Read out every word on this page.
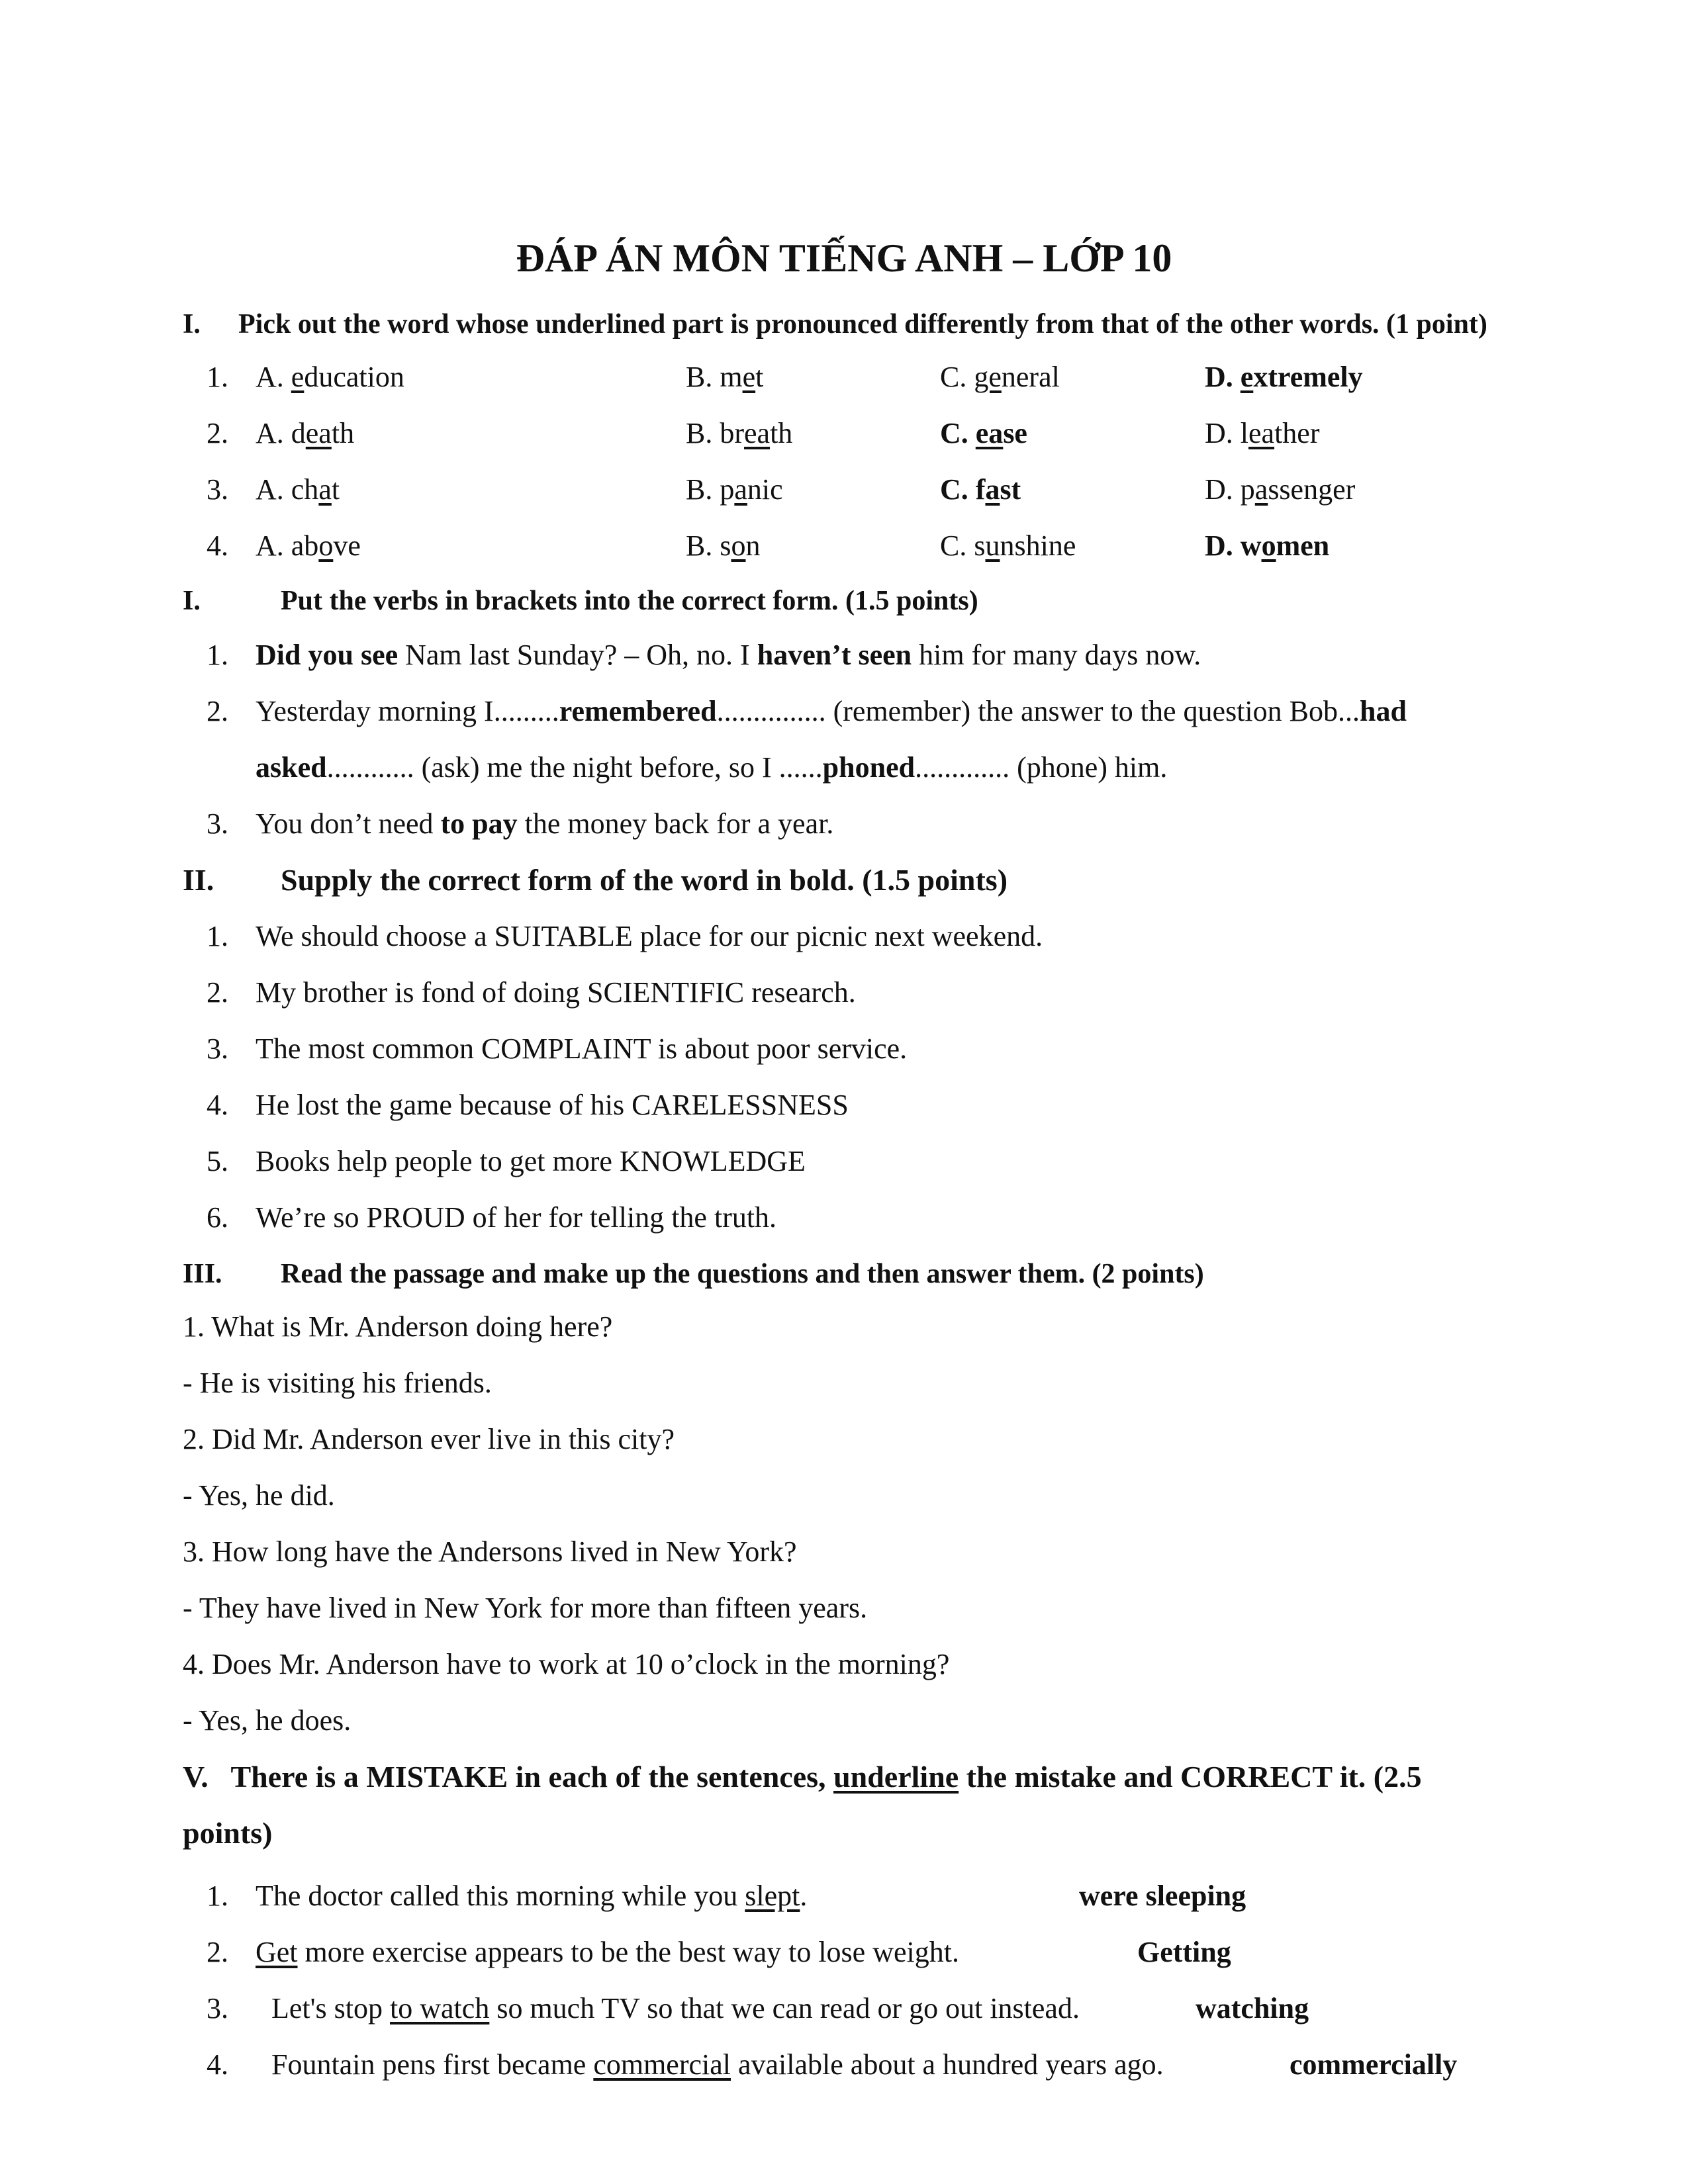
ĐÁP ÁN MÔN TIẾNG ANH – LỚP 10
I. Pick out the word whose underlined part is pronounced differently from that of the other words. (1 point)
1. A. education	B. met	C. general	D. extremely
2. A. death	B. breath	C. ease	D. leather
3. A. chat	B. panic	C. fast	D. passenger
4. A. above	B. son	C. sunshine	D. women
I.	Put the verbs in brackets into the correct form. (1.5 points)
1. Did you see Nam last Sunday? – Oh, no. I haven’t seen him for many days now.
2. Yesterday morning I.........remembered............... (remember) the answer to the question Bob...had
asked............ (ask) me the night before, so I ......phoned............. (phone) him.
3. You don’t need to pay the money back for a year.
II. Supply the correct form of the word in bold. (1.5 points)
1. We should choose a SUITABLE place for our picnic next weekend.
2. My brother is fond of doing SCIENTIFIC research.
3. The most common COMPLAINT is about poor service.
4. He lost the game because of his CARELESSNESS
5. Books help people to get more KNOWLEDGE
6. We’re so PROUD of her for telling the truth.
III. Read the passage and make up the questions and then answer them. (2 points)
1. What is Mr. Anderson doing here?
- He is visiting his friends.
2. Did Mr. Anderson ever live in this city?
- Yes, he did.
3. How long have the Andersons lived in New York?
- They have lived in New York for more than fifteen years.
4. Does Mr. Anderson have to work at 10 o’clock in the morning?
- Yes, he does.
V. There is a MISTAKE in each of the sentences, underline the mistake and CORRECT it. (2.5
points)
1. The doctor called this morning while you slept.	were sleeping
2. Get more exercise appears to be the best way to lose weight.	Getting
3. Let's stop to watch so much TV so that we can read or go out instead.	watching
4. Fountain pens first became commercial available about a hundred years ago.	commercially
